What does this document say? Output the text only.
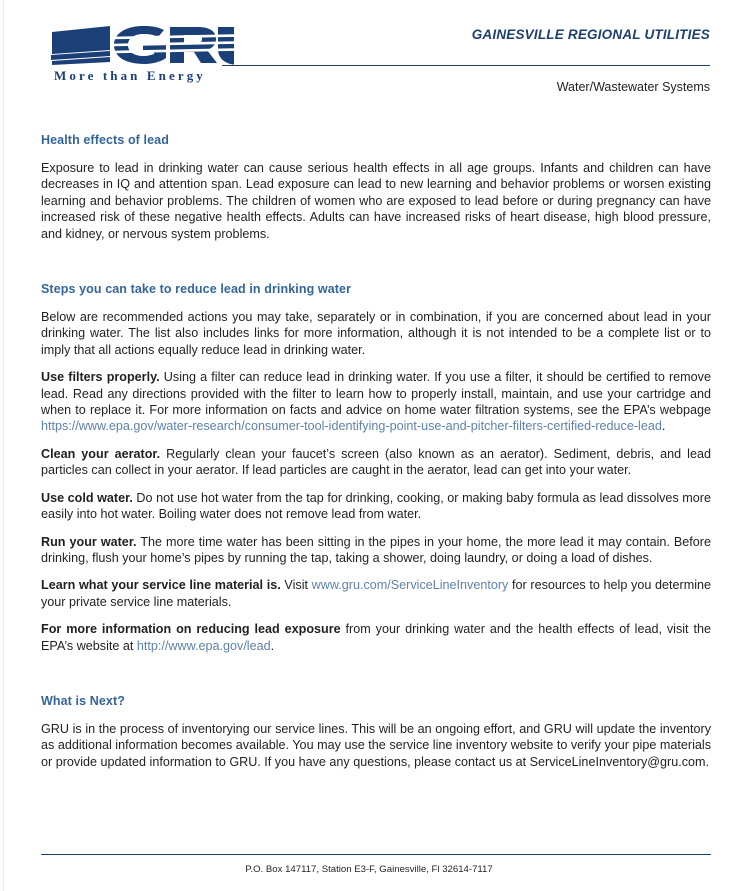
™
More than Energy
GAINESVILLE REGIONAL UTILITIES
Water/Wastewater Systems
Health effects of lead

Exposure to lead in drinking water can cause serious health effects in all age groups. Infants and children can have decreases in IQ and attention span. Lead exposure can lead to new learning and behavior problems or worsen existing learning and behavior problems. The children of women who are exposed to lead before or during pregnancy can have increased risk of these negative health effects. Adults can have increased risks of heart disease, high blood pressure, and kidney, or nervous system problems.

Steps you can take to reduce lead in drinking water

Below are recommended actions you may take, separately or in combination, if you are concerned about lead in your drinking water. The list also includes links for more information, although it is not intended to be a complete list or to imply that all actions equally reduce lead in drinking water.

Use filters properly. Using a filter can reduce lead in drinking water. If you use a filter, it should be certified to remove lead. Read any directions provided with the filter to learn how to properly install, maintain, and use your cartridge and when to replace it. For more information on facts and advice on home water filtration systems, see the EPA’s webpage https://www.epa.gov/water-research/consumer-tool-identifying-point-use-and-pitcher-filters-certified-reduce-lead.

Clean your aerator. Regularly clean your faucet’s screen (also known as an aerator). Sediment, debris, and lead particles can collect in your aerator. If lead particles are caught in the aerator, lead can get into your water.

Use cold water. Do not use hot water from the tap for drinking, cooking, or making baby formula as lead dissolves more easily into hot water. Boiling water does not remove lead from water.

Run your water. The more time water has been sitting in the pipes in your home, the more lead it may contain. Before drinking, flush your home’s pipes by running the tap, taking a shower, doing laundry, or doing a load of dishes.

Learn what your service line material is. Visit www.gru.com/ServiceLineInventory for resources to help you determine your private service line materials.

For more information on reducing lead exposure from your drinking water and the health effects of lead, visit the EPA’s website at http://www.epa.gov/lead.

What is Next?

GRU is in the process of inventorying our service lines. This will be an ongoing effort, and GRU will update the inventory as additional information becomes available. You may use the service line inventory website to verify your pipe materials or provide updated information to GRU. If you have any questions, please contact us at ServiceLineInventory@gru.com.

P.O. Box 147117, Station E3-F, Gainesville, Fl 32614-7117
